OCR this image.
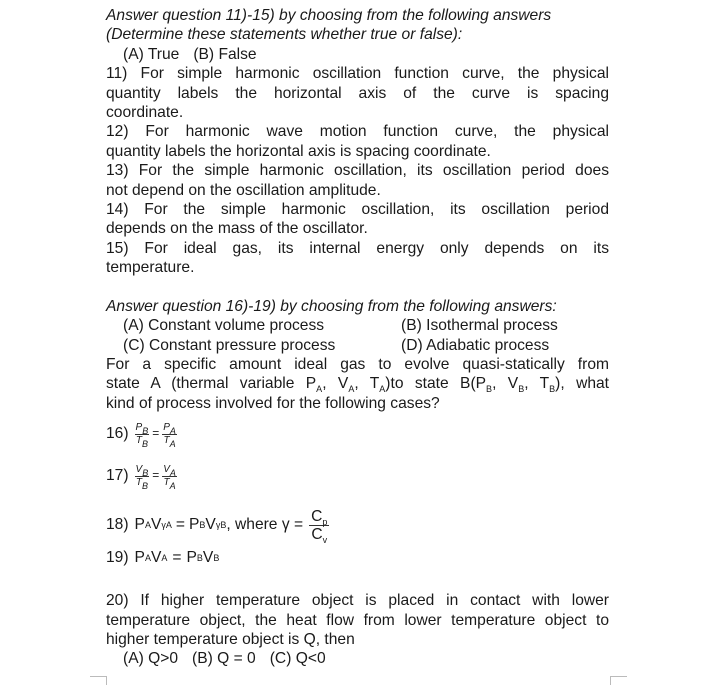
Answer question 11)-15) by choosing from the following answers

(Determine these statements whether true or false):

(A) True (B) False

11) For simple harmonic oscillation function curve, the physical

quantity labels the horizontal axis of the curve is spacing

coordinate.

12) For harmonic wave motion function curve, the physical

quantity labels the horizontal axis is spacing coordinate.

13) For the simple harmonic oscillation, its oscillation period does

not depend on the oscillation amplitude.

14) For the simple harmonic oscillation, its oscillation period

depends on the mass of the oscillator.

15) For ideal gas, its internal energy only depends on its

temperature.

Answer question 16)-19) by choosing from the following answers:

(A) Constant volume process	(B) Isothermal process
(C) Constant pressure process	(D) Adiabatic process

For a specific amount ideal gas to evolve quasi-statically from

state A (thermal variable $P_A$, $V_A$, $T_A)to$ state $B(P_B$, $V_B$, $T_B$), what

kind of process involved for the following cases?

$16) \frac{P_B}{T_B} = \frac{P_A}{T_A}$
$17) \frac{V_B}{T_B} = \frac{V_A}{T_A}$
18) P A V γ A = P B V γ B , where $\gamma = \frac{C_p}{C_v}$
19) P A V A = P B V B

20) If higher temperature object is placed in contact with lower

temperature object, the heat flow from lower temperature object to

higher temperature object is Q, then

(A) Q>0 (B) Q = 0 (C) Q<0
